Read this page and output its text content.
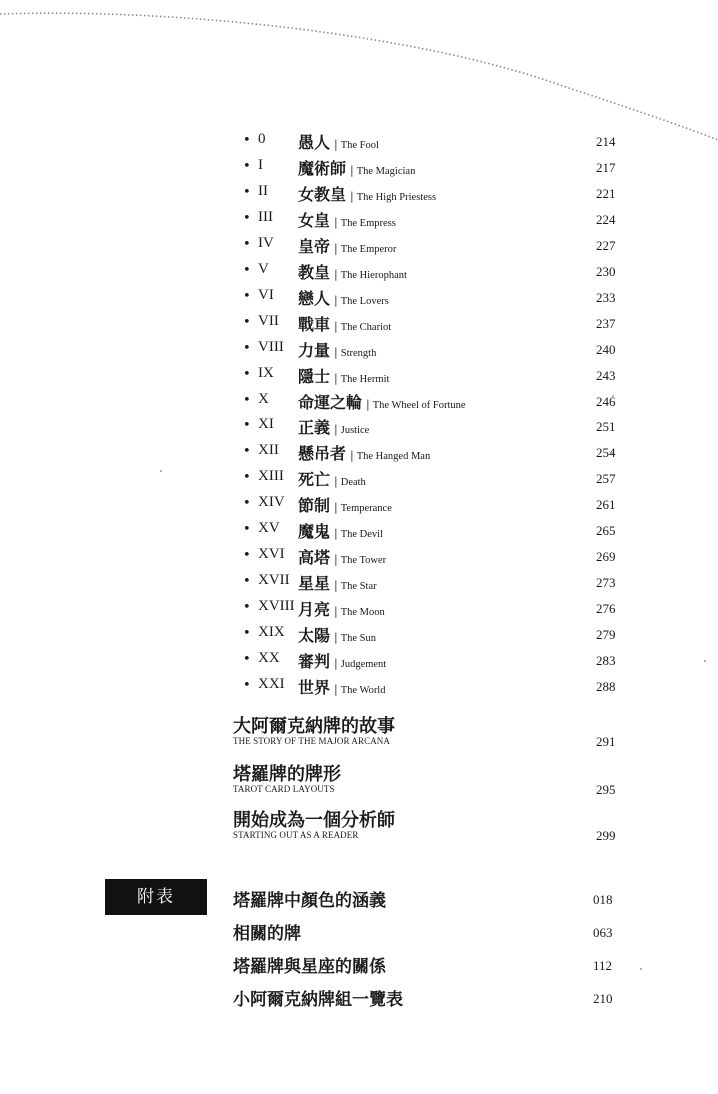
• 0 愚人 | The Fool	214
• I 魔術師 | The Magician	217
• II 女教皇 | The High Priestess	221
• III 女皇 | The Empress	224
• IV 皇帝 | The Emperor	227
• V 教皇 | The Hierophant	230
• VI 戀人 | The Lovers	233
• VII 戰車 | The Chariot	237
• VIII 力量 | Strength	240
• IX 隱士 | The Hermit	243
• X 命運之輪 | The Wheel of Fortune	246
• XI 正義 | Justice	251
• XII 懸吊者 | The Hanged Man	254
• XIII 死亡 | Death	257
• XIV 節制 | Temperance	261
• XV 魔鬼 | The Devil	265
• XVI 高塔 | The Tower	269
• XVII 星星 | The Star	273
• XVIII 月亮 | The Moon	276
• XIX 太陽 | The Sun	279
• XX 審判 | Judgement	283
• XXI 世界 | The World	288
大阿爾克納牌的故事
THE STORY OF THE MAJOR ARCANA	291
塔羅牌的牌形
TAROT CARD LAYOUTS	295
開始成為一個分析師
STARTING OUT AS A READER	299
附表	塔羅牌中顏色的涵義	018
相關的牌	063
塔羅牌與星座的關係	112
小阿爾克納牌組一覽表	210
